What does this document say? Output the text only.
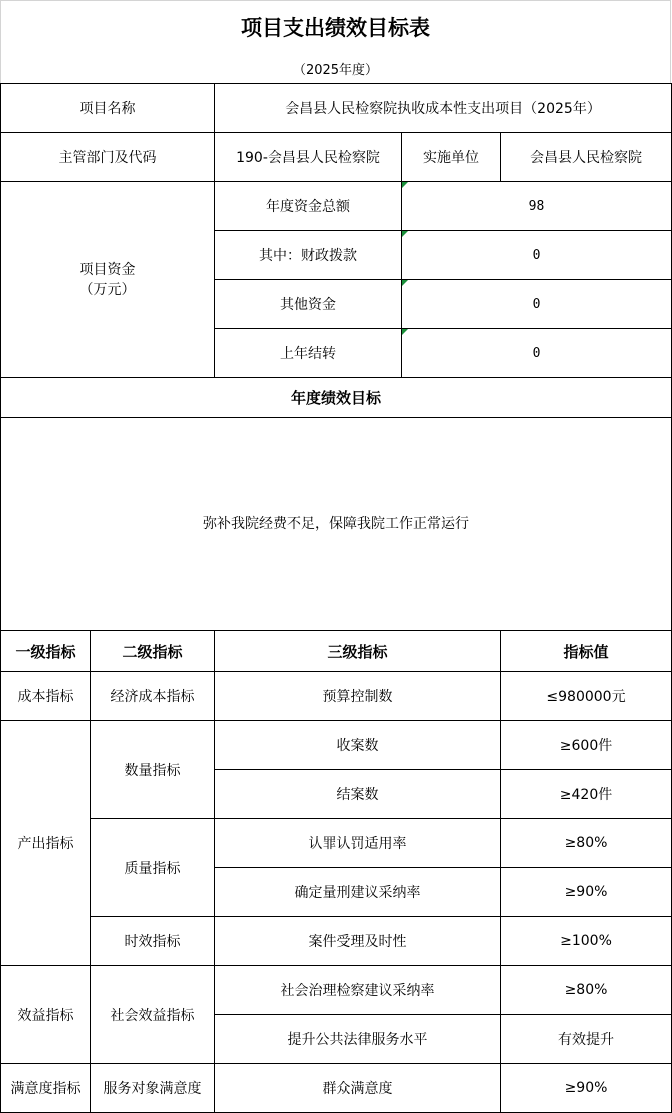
项目支出绩效目标表
（2025年度）
项目名称		会昌县人民检察院执收成本性支出项目（2025年）		
主管部门及代码		190-会昌县人民检察院	实施单位	会昌县人民检察院
项目资金
（万元）		年度资金总额	98	
		其中：财政拨款	0	
		其他资金	0	
		上年结转	0	
年度绩效目标				
弥补我院经费不足，保障我院工作正常运行				
一级指标	二级指标	三级指标		指标值
成本指标	经济成本指标	预算控制数		≤980000元
产出指标	数量指标	收案数		≥600件
		结案数		≥420件
	质量指标	认罪认罚适用率		≥80%
		确定量刑建议采纳率		≥90%
	时效指标	案件受理及时性		≥100%
效益指标	社会效益指标	社会治理检察建议采纳率		≥80%
		提升公共法律服务水平		有效提升
满意度指标	服务对象满意度	群众满意度		≥90%
